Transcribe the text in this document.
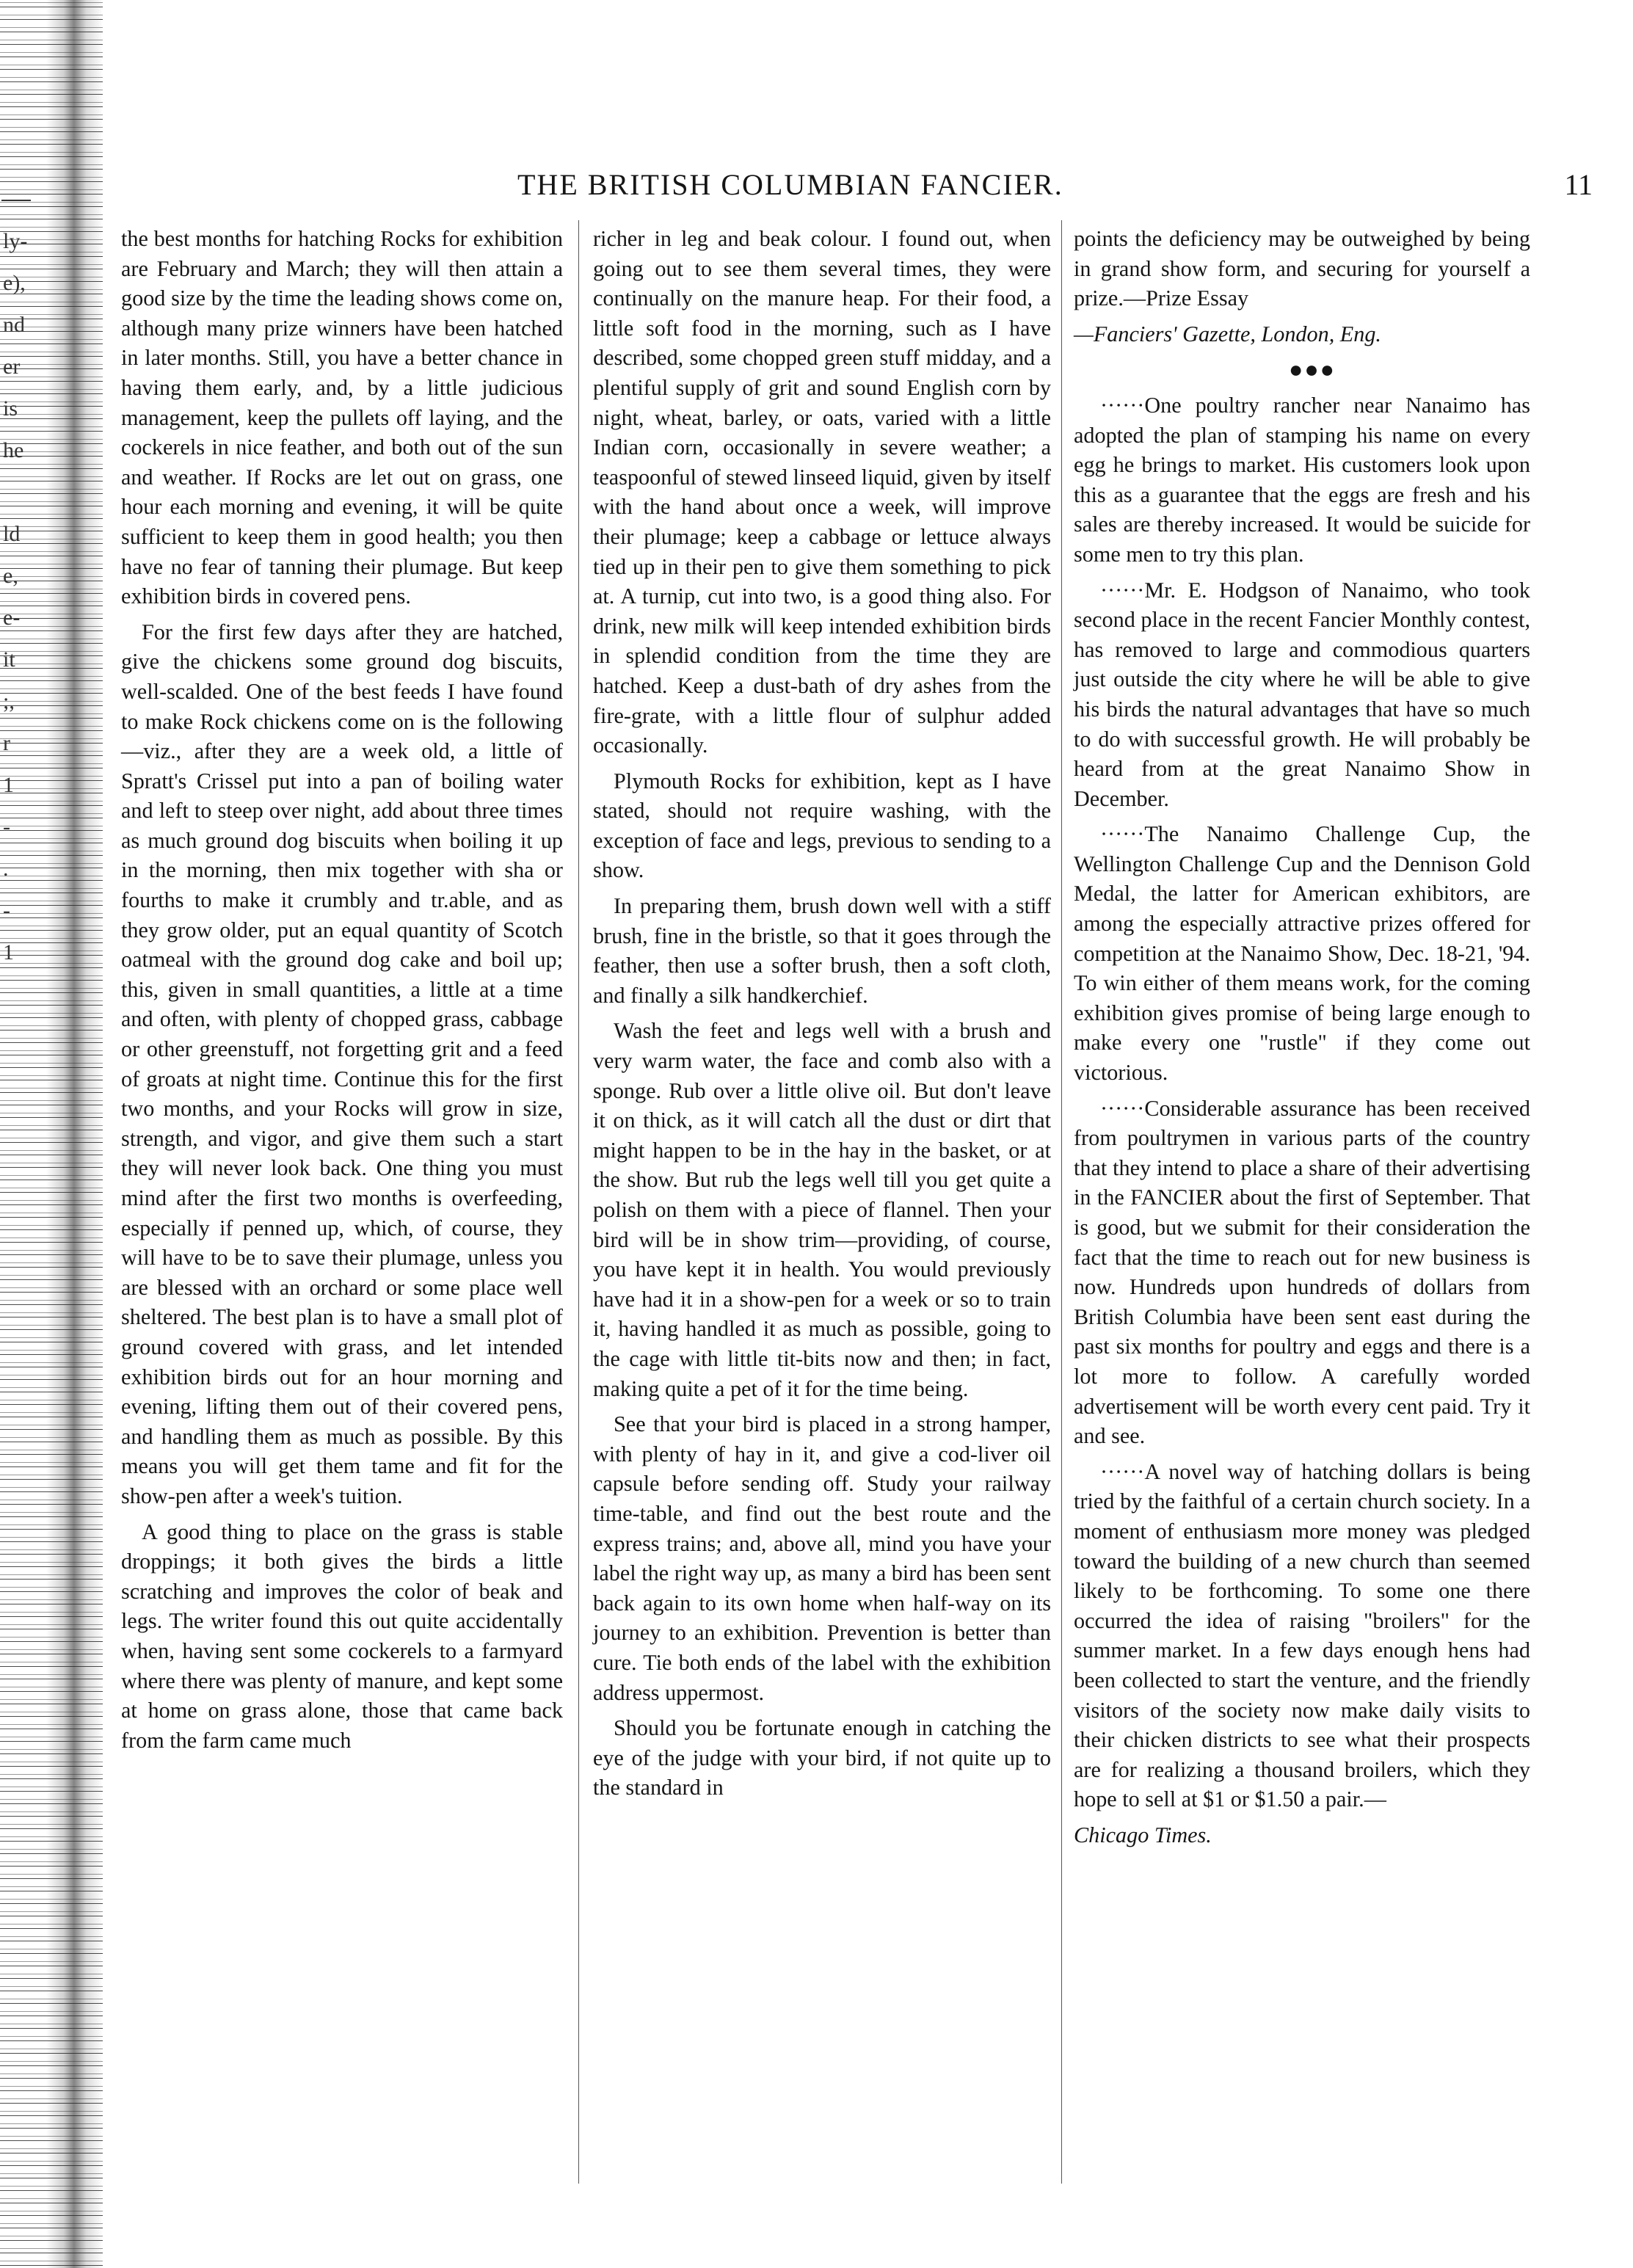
ly-
e),
nd
er
is
he
ld
e,
e-
it
;,
r
1
-
.
-
1
THE BRITISH COLUMBIAN FANCIER.	11

the best months for hatching Rocks for exhibition are February and March; they will then attain a good size by the time the leading shows come on, although many prize winners have been hatched in later months. Still, you have a better chance in having them early, and, by a little judicious management, keep the pullets off laying, and the cockerels in nice feather, and both out of the sun and weather. If Rocks are let out on grass, one hour each morning and evening, it will be quite sufficient to keep them in good health; you then have no fear of tanning their plumage. But keep exhibition birds in covered pens.

For the first few days after they are hatched, give the chickens some ground dog biscuits, well-scalded. One of the best feeds I have found to make Rock chickens come on is the following—viz., after they are a week old, a little of Spratt's Crissel put into a pan of boiling water and left to steep over night, add about three times as much ground dog biscuits when boiling it up in the morning, then mix together with sha or fourths to make it crumbly and tr.able, and as they grow older, put an equal quantity of Scotch oatmeal with the ground dog cake and boil up; this, given in small quantities, a little at a time and often, with plenty of chopped grass, cabbage or other greenstuff, not forgetting grit and a feed of groats at night time. Continue this for the first two months, and your Rocks will grow in size, strength, and vigor, and give them such a start they will never look back. One thing you must mind after the first two months is overfeeding, especially if penned up, which, of course, they will have to be to save their plumage, unless you are blessed with an orchard or some place well sheltered. The best plan is to have a small plot of ground covered with grass, and let intended exhibition birds out for an hour morning and evening, lifting them out of their covered pens, and handling them as much as possible. By this means you will get them tame and fit for the show-pen after a week's tuition.

A good thing to place on the grass is stable droppings; it both gives the birds a little scratching and improves the color of beak and legs. The writer found this out quite accidentally when, having sent some cockerels to a farmyard where there was plenty of manure, and kept some at home on grass alone, those that came back from the farm came much

richer in leg and beak colour. I found out, when going out to see them several times, they were continually on the manure heap. For their food, a little soft food in the morning, such as I have described, some chopped green stuff midday, and a plentiful supply of grit and sound English corn by night, wheat, barley, or oats, varied with a little Indian corn, occasionally in severe weather; a teaspoonful of stewed linseed liquid, given by itself with the hand about once a week, will improve their plumage; keep a cabbage or lettuce always tied up in their pen to give them something to pick at. A turnip, cut into two, is a good thing also. For drink, new milk will keep intended exhibition birds in splendid condition from the time they are hatched. Keep a dust-bath of dry ashes from the fire-grate, with a little flour of sulphur added occasionally.

Plymouth Rocks for exhibition, kept as I have stated, should not require washing, with the exception of face and legs, previous to sending to a show.

In preparing them, brush down well with a stiff brush, fine in the bristle, so that it goes through the feather, then use a softer brush, then a soft cloth, and finally a silk handkerchief.

Wash the feet and legs well with a brush and very warm water, the face and comb also with a sponge. Rub over a little olive oil. But don't leave it on thick, as it will catch all the dust or dirt that might happen to be in the hay in the basket, or at the show. But rub the legs well till you get quite a polish on them with a piece of flannel. Then your bird will be in show trim—providing, of course, you have kept it in health. You would previously have had it in a show-pen for a week or so to train it, having handled it as much as possible, going to the cage with little tit-bits now and then; in fact, making quite a pet of it for the time being.

See that your bird is placed in a strong hamper, with plenty of hay in it, and give a cod-liver oil capsule before sending off. Study your railway time-table, and find out the best route and the express trains; and, above all, mind you have your label the right way up, as many a bird has been sent back again to its own home when half-way on its journey to an exhibition. Prevention is better than cure. Tie both ends of the label with the exhibition address uppermost.

Should you be fortunate enough in catching the eye of the judge with your bird, if not quite up to the standard in

points the deficiency may be outweighed by being in grand show form, and securing for yourself a prize.—Prize Essay

—Fanciers' Gazette, London, Eng.

●●●

······One poultry rancher near Nanaimo has adopted the plan of stamping his name on every egg he brings to market. His customers look upon this as a guarantee that the eggs are fresh and his sales are thereby increased. It would be suicide for some men to try this plan.

······Mr. E. Hodgson of Nanaimo, who took second place in the recent Fancier Monthly contest, has removed to large and commodious quarters just outside the city where he will be able to give his birds the natural advantages that have so much to do with successful growth. He will probably be heard from at the great Nanaimo Show in December.

······The Nanaimo Challenge Cup, the Wellington Challenge Cup and the Dennison Gold Medal, the latter for American exhibitors, are among the especially attractive prizes offered for competition at the Nanaimo Show, Dec. 18-21, '94. To win either of them means work, for the coming exhibition gives promise of being large enough to make every one "rustle" if they come out victorious.

······Considerable assurance has been received from poultrymen in various parts of the country that they intend to place a share of their advertising in the FANCIER about the first of September. That is good, but we submit for their consideration the fact that the time to reach out for new business is now. Hundreds upon hundreds of dollars from British Columbia have been sent east during the past six months for poultry and eggs and there is a lot more to follow. A carefully worded advertisement will be worth every cent paid. Try it and see.

······A novel way of hatching dollars is being tried by the faithful of a certain church society. In a moment of enthusiasm more money was pledged toward the building of a new church than seemed likely to be forthcoming. To some one there occurred the idea of raising "broilers" for the summer market. In a few days enough hens had been collected to start the venture, and the friendly visitors of the society now make daily visits to their chicken districts to see what their prospects are for realizing a thousand broilers, which they hope to sell at $1 or $1.50 a pair.—

Chicago Times.
